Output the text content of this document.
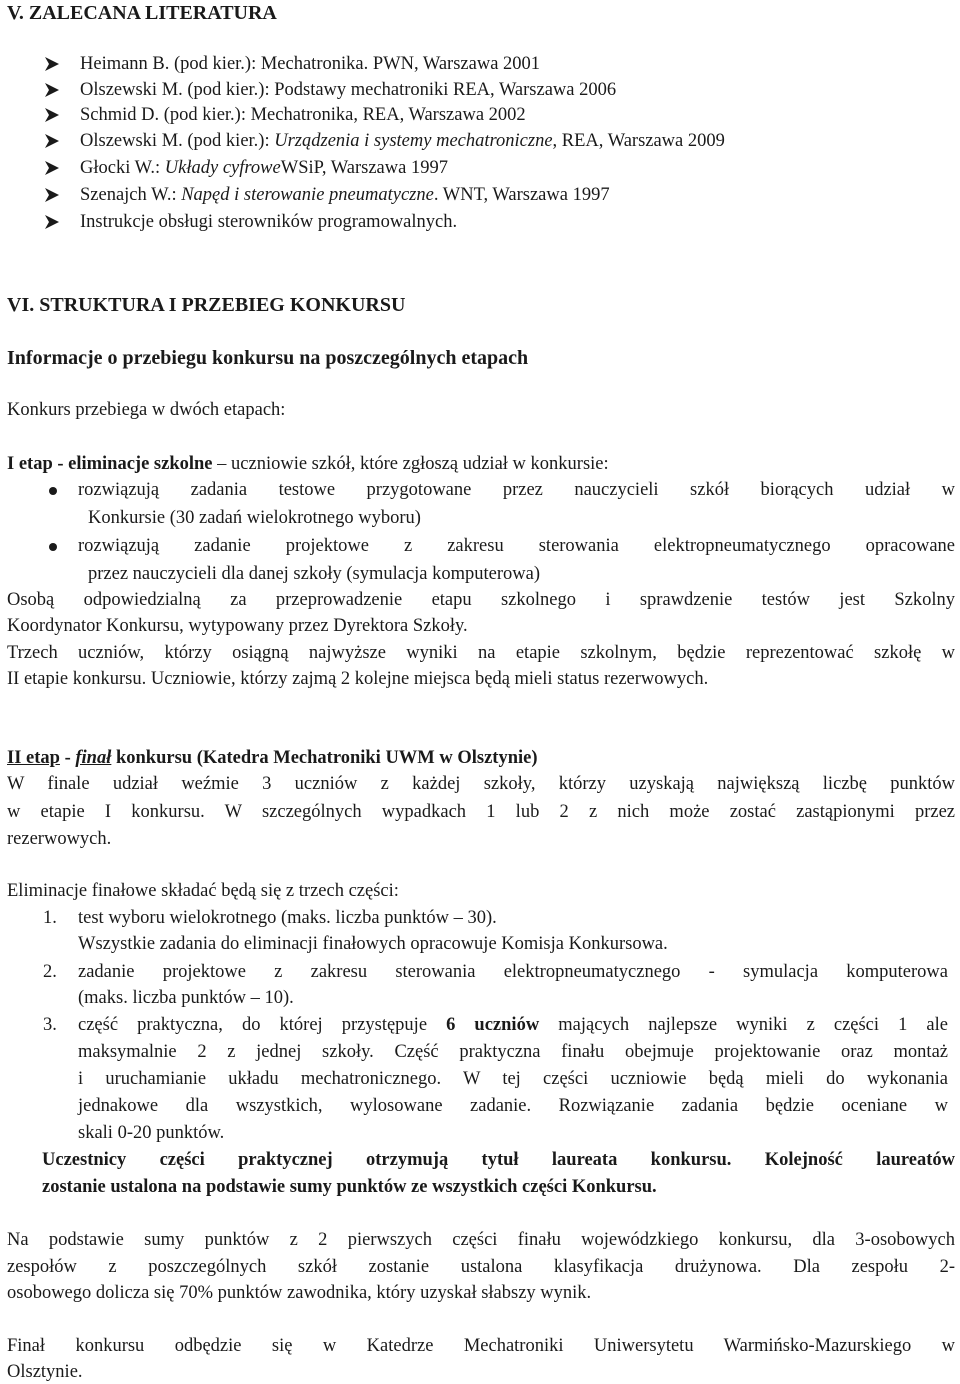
V. ZALECANA LITERATURA
Heimann B. (pod kier.): Mechatronika. PWN, Warszawa 2001
Olszewski M. (pod kier.): Podstawy mechatroniki REA, Warszawa 2006
Schmid D. (pod kier.): Mechatronika, REA, Warszawa 2002
Olszewski M. (pod kier.): Urządzenia i systemy mechatroniczne, REA, Warszawa 2009
Głocki W.: Układy cyfroweWSiP, Warszawa 1997
Szenajch W.: Napęd i sterowanie pneumatyczne. WNT, Warszawa 1997
Instrukcje obsługi sterowników programowalnych.
VI. STRUKTURA I PRZEBIEG KONKURSU
Informacje o przebiegu konkursu na poszczególnych etapach
Konkurs przebiega w dwóch etapach:
I etap - eliminacje szkolne – uczniowie szkół, które zgłoszą udział w konkursie:
rozwiązują zadania testowe przygotowane przez nauczycieli szkół biorących udział w
Konkursie (30 zadań wielokrotnego wyboru)
rozwiązują zadanie projektowe z zakresu sterowania elektropneumatycznego opracowane
przez nauczycieli dla danej szkoły (symulacja komputerowa)
Osobą odpowiedzialną za przeprowadzenie etapu szkolnego i sprawdzenie testów jest Szkolny
Koordynator Konkursu, wytypowany przez Dyrektora Szkoły.
Trzech uczniów, którzy osiągną najwyższe wyniki na etapie szkolnym, będzie reprezentować szkołę w
II etapie konkursu. Uczniowie, którzy zajmą 2 kolejne miejsca będą mieli status rezerwowych.
II etap - finał konkursu (Katedra Mechatroniki UWM w Olsztynie)
W finale udział weźmie 3 uczniów z każdej szkoły, którzy uzyskają największą liczbę punktów
w etapie I konkursu. W szczególnych wypadkach 1 lub 2 z nich może zostać zastąpionymi przez
rezerwowych.
Eliminacje finałowe składać będą się z trzech części:
1. test wyboru wielokrotnego (maks. liczba punktów – 30).
Wszystkie zadania do eliminacji finałowych opracowuje Komisja Konkursowa.
2. zadanie projektowe z zakresu sterowania elektropneumatycznego - symulacja komputerowa
(maks. liczba punktów – 10).
3. część praktyczna, do której przystępuje 6 uczniów mających najlepsze wyniki z części 1 ale
maksymalnie 2 z jednej szkoły. Część praktyczna finału obejmuje projektowanie oraz montaż
i uruchamianie układu mechatronicznego. W tej części uczniowie będą mieli do wykonania
jednakowe dla wszystkich, wylosowane zadanie. Rozwiązanie zadania będzie oceniane w
skali 0-20 punktów.
Uczestnicy części praktycznej otrzymują tytuł laureata konkursu. Kolejność laureatów
zostanie ustalona na podstawie sumy punktów ze wszystkich części Konkursu.
Na podstawie sumy punktów z 2 pierwszych części finału wojewódzkiego konkursu, dla 3-osobowych
zespołów z poszczególnych szkół zostanie ustalona klasyfikacja drużynowa. Dla zespołu 2-
osobowego dolicza się 70% punktów zawodnika, który uzyskał słabszy wynik.
Finał konkursu odbędzie się w Katedrze Mechatroniki Uniwersytetu Warmińsko-Mazurskiego w
Olsztynie.
